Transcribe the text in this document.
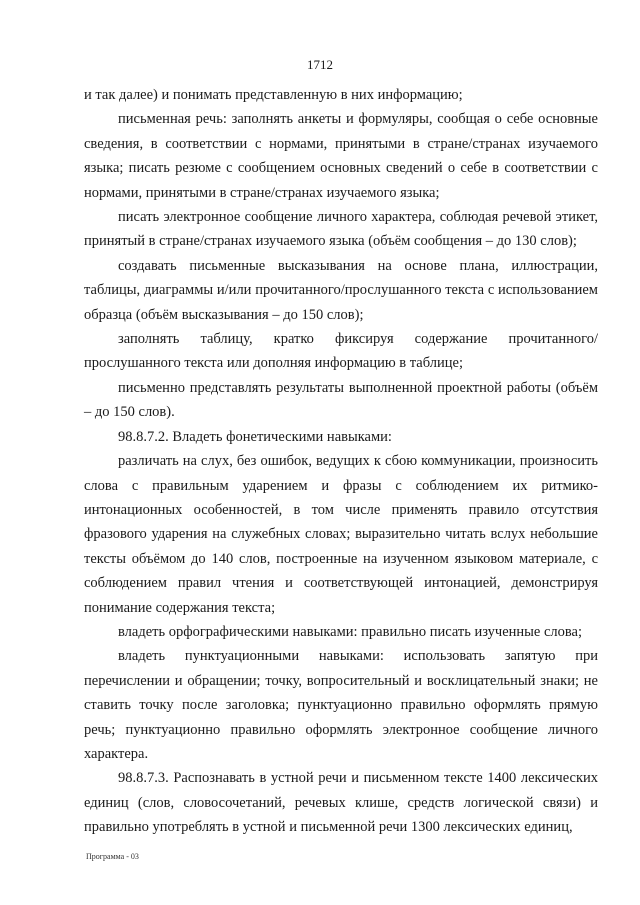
1712

и так далее) и понимать представленную в них информацию;

письменная речь: заполнять анкеты и формуляры, сообщая о себе основные сведения, в соответствии с нормами, принятыми в стране/странах изучаемого языка; писать резюме с сообщением основных сведений о себе в соответствии с нормами, принятыми в стране/странах изучаемого языка;

писать электронное сообщение личного характера, соблюдая речевой этикет, принятый в стране/странах изучаемого языка (объём сообщения – до 130 слов);

создавать письменные высказывания на основе плана, иллюстрации, таблицы, диаграммы и/или прочитанного/прослушанного текста с использованием образца (объём высказывания – до 150 слов);

заполнять таблицу, кратко фиксируя содержание прочитанного/ прослушанного текста или дополняя информацию в таблице;

письменно представлять результаты выполненной проектной работы (объём – до 150 слов).

98.8.7.2. Владеть фонетическими навыками:

различать на слух, без ошибок, ведущих к сбою коммуникации, произносить слова с правильным ударением и фразы с соблюдением их ритмико-интонационных особенностей, в том числе применять правило отсутствия фразового ударения на служебных словах; выразительно читать вслух небольшие тексты объёмом до 140 слов, построенные на изученном языковом материале, с соблюдением правил чтения и соответствующей интонацией, демонстрируя понимание содержания текста;

владеть орфографическими навыками: правильно писать изученные слова;

владеть пунктуационными навыками: использовать запятую при перечислении и обращении; точку, вопросительный и восклицательный знаки; не ставить точку после заголовка; пунктуационно правильно оформлять прямую речь; пунктуационно правильно оформлять электронное сообщение личного характера.

98.8.7.3. Распознавать в устной речи и письменном тексте 1400 лексических единиц (слов, словосочетаний, речевых клише, средств логической связи) и правильно употреблять в устной и письменной речи 1300 лексических единиц,

Программа - 03
